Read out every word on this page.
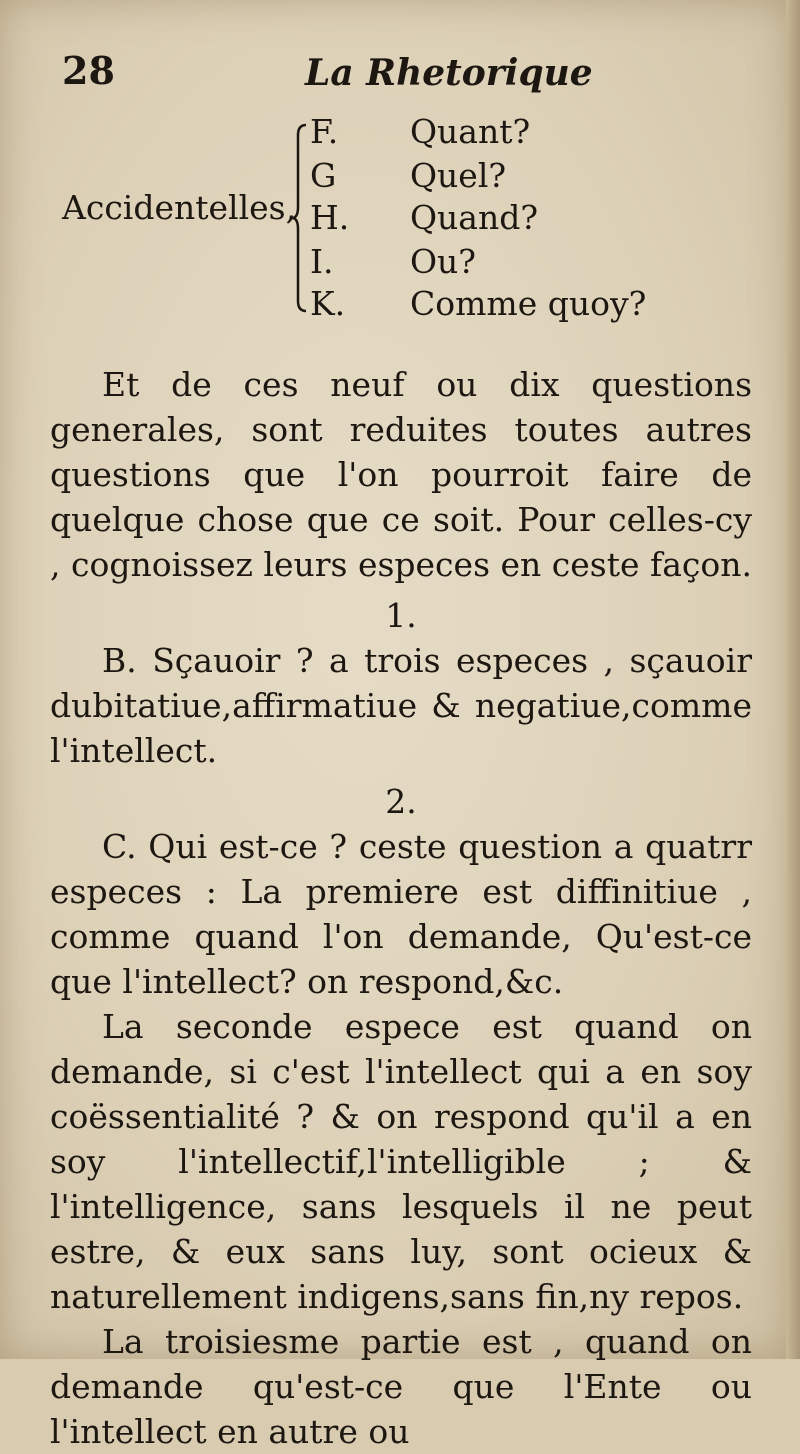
28	La Rhetorique
Accidentelles,
F. Quant?
G Quel?
H. Quand?
I. Ou?
K. Comme quoy?

Et de ces neuf ou dix questions generales, sont reduites toutes autres questions que l'on pourroit faire de quelque chose que ce soit. Pour celles-cy , cognoissez leurs especes en ceste façon.

1.

B. Sçauoir ? a trois especes , sçauoir dubitatiue,affirmatiue & negatiue,comme l'intellect.

2.

C. Qui est-ce ? ceste question a quatrr especes : La premiere est diffinitiue , comme quand l'on demande, Qu'est-ce que l'intellect? on respond,&c.

La seconde espece est quand on demande, si c'est l'intellect qui a en soy coëssentialité ? & on respond qu'il a en soy l'intellectif,l'intelligible ; & l'intelligence, sans lesquels il ne peut estre, & eux sans luy, sont ocieux & naturellement indigens,sans fin,ny repos.

La troisiesme partie est , quand on demande qu'est-ce que l'Ente ou l'intellect en autre ou
